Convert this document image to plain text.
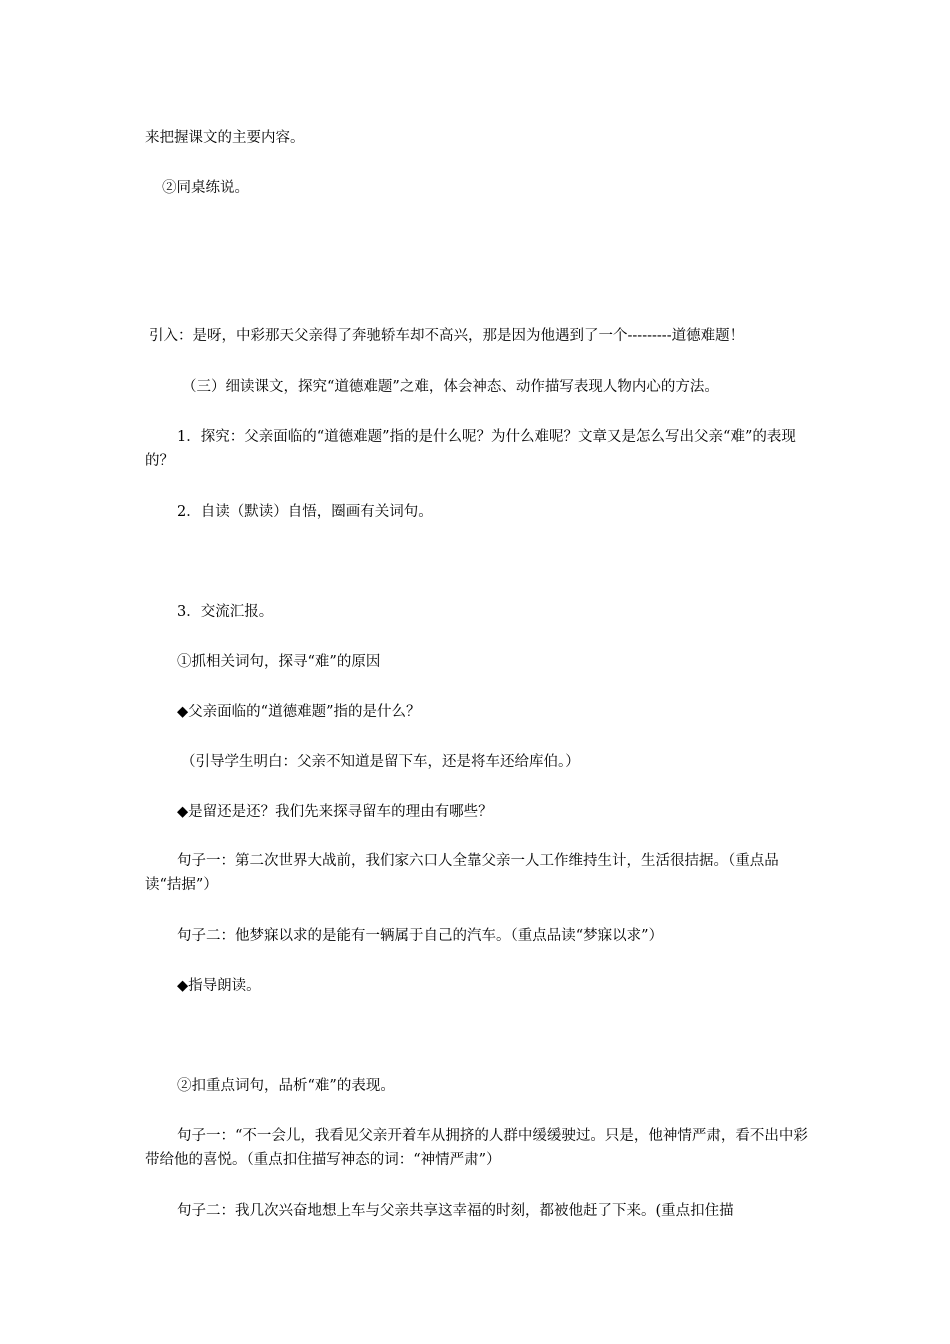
来把握课文的主要内容。
②同桌练说。
引入：是呀，中彩那天父亲得了奔驰轿车却不高兴，那是因为他遇到了一个---------道德难题！
（三）细读课文，探究“道德难题”之难，体会神态、动作描写表现人物内心的方法。
1．探究：父亲面临的“道德难题”指的是什么呢？为什么难呢？文章又是怎么写出父亲“难”的表现的？
2．自读（默读）自悟，圈画有关词句。
3．交流汇报。
①抓相关词句，探寻“难”的原因
◆父亲面临的“道德难题”指的是什么？
（引导学生明白：父亲不知道是留下车，还是将车还给库伯。）
◆是留还是还？我们先来探寻留车的理由有哪些？
句子一：第二次世界大战前，我们家六口人全靠父亲一人工作维持生计，生活很拮据。（重点品读“拮据”）
句子二：他梦寐以求的是能有一辆属于自己的汽车。（重点品读“梦寐以求”）
◆指导朗读。
②扣重点词句，品析“难”的表现。
句子一：“不一会儿，我看见父亲开着车从拥挤的人群中缓缓驶过。只是，他神情严肃，看不出中彩带给他的喜悦。（重点扣住描写神态的词：“神情严肃”）
句子二：我几次兴奋地想上车与父亲共享这幸福的时刻，都被他赶了下来。(重点扣住描
